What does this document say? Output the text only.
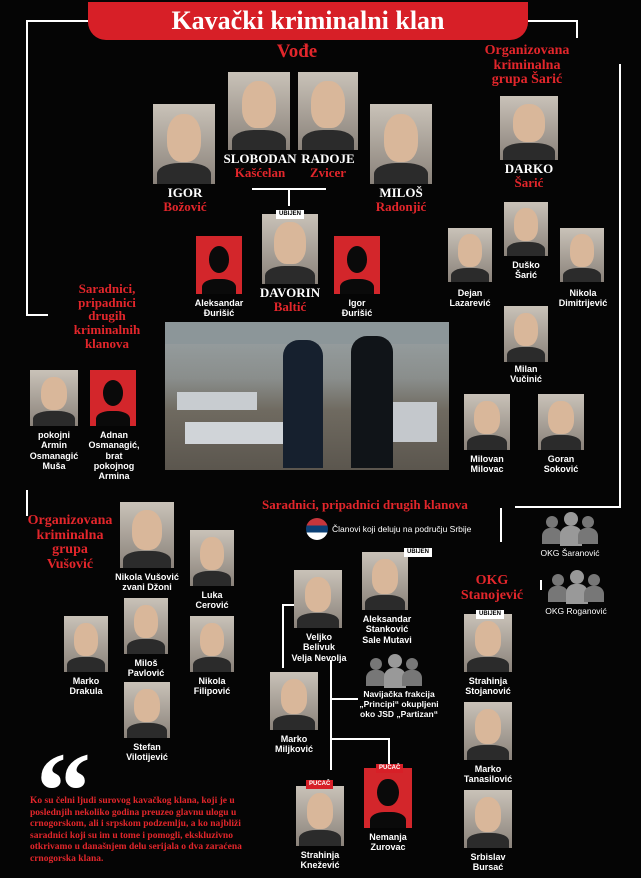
Kavački kriminalni klan
Vođe
IGOR
Božović
SLOBODAN
Kašćelan
RADOJE
Zvicer
MILOŠ
Radonjić
Organizovana
kriminalna
grupa Šarić
DARKO
Šarić
UBIJEN
DAVORIN
Baltić
Aleksandar
Đurišić
Igor
Đurišić
Dejan
Lazarević
Duško
Šarić
Nikola
Dimitrijević
Milan
Vučinić
Milovan
Milovac
Goran
Soković
Saradnici,
pripadnici
drugih
kriminalnih
klanova
pokojni
Armin
Osmanagić
Muša
Adnan
Osmanagić,
brat
pokojnog
Armina
Organizovana
kriminalna
grupa
Vušović
Nikola Vušović
zvani Džoni
Luka
Cerović
Marko
Drakula
Miloš
Pavlović
Nikola
Filipović
Stefan
Vilotijević
Saradnici, pripadnici drugih klanova
Članovi koji deluju na području Srbije
OKG Šaranović
OKG Roganović
OKG
Stanojević
UBIJEN
Strahinja
Stojanović
Marko
Tanasilović
Srbislav
Bursać
Veljko
Belivuk
Velja Nevolja
UBIJEN
Aleksandar
Stanković
Sale Mutavi
Marko
Miljković
Navijačka frakcija
„Principi“ okupljeni
oko JSD „Partizan“
PUCAČ
Strahinja
Knežević
PUCAČ
Nemanja
Zurovac
“
Ko su čelni ljudi surovog kavačkog klana, koji je u poslednjih nekoliko godina preuzeo glavnu ulogu u crnogorskom, ali i srpskom podzemlju, a ko najbliži saradnici koji su im u tome i pomogli, ekskluzivno otkrivamo u današnjem delu serijala o dva zaraćena crnogorska klana.
